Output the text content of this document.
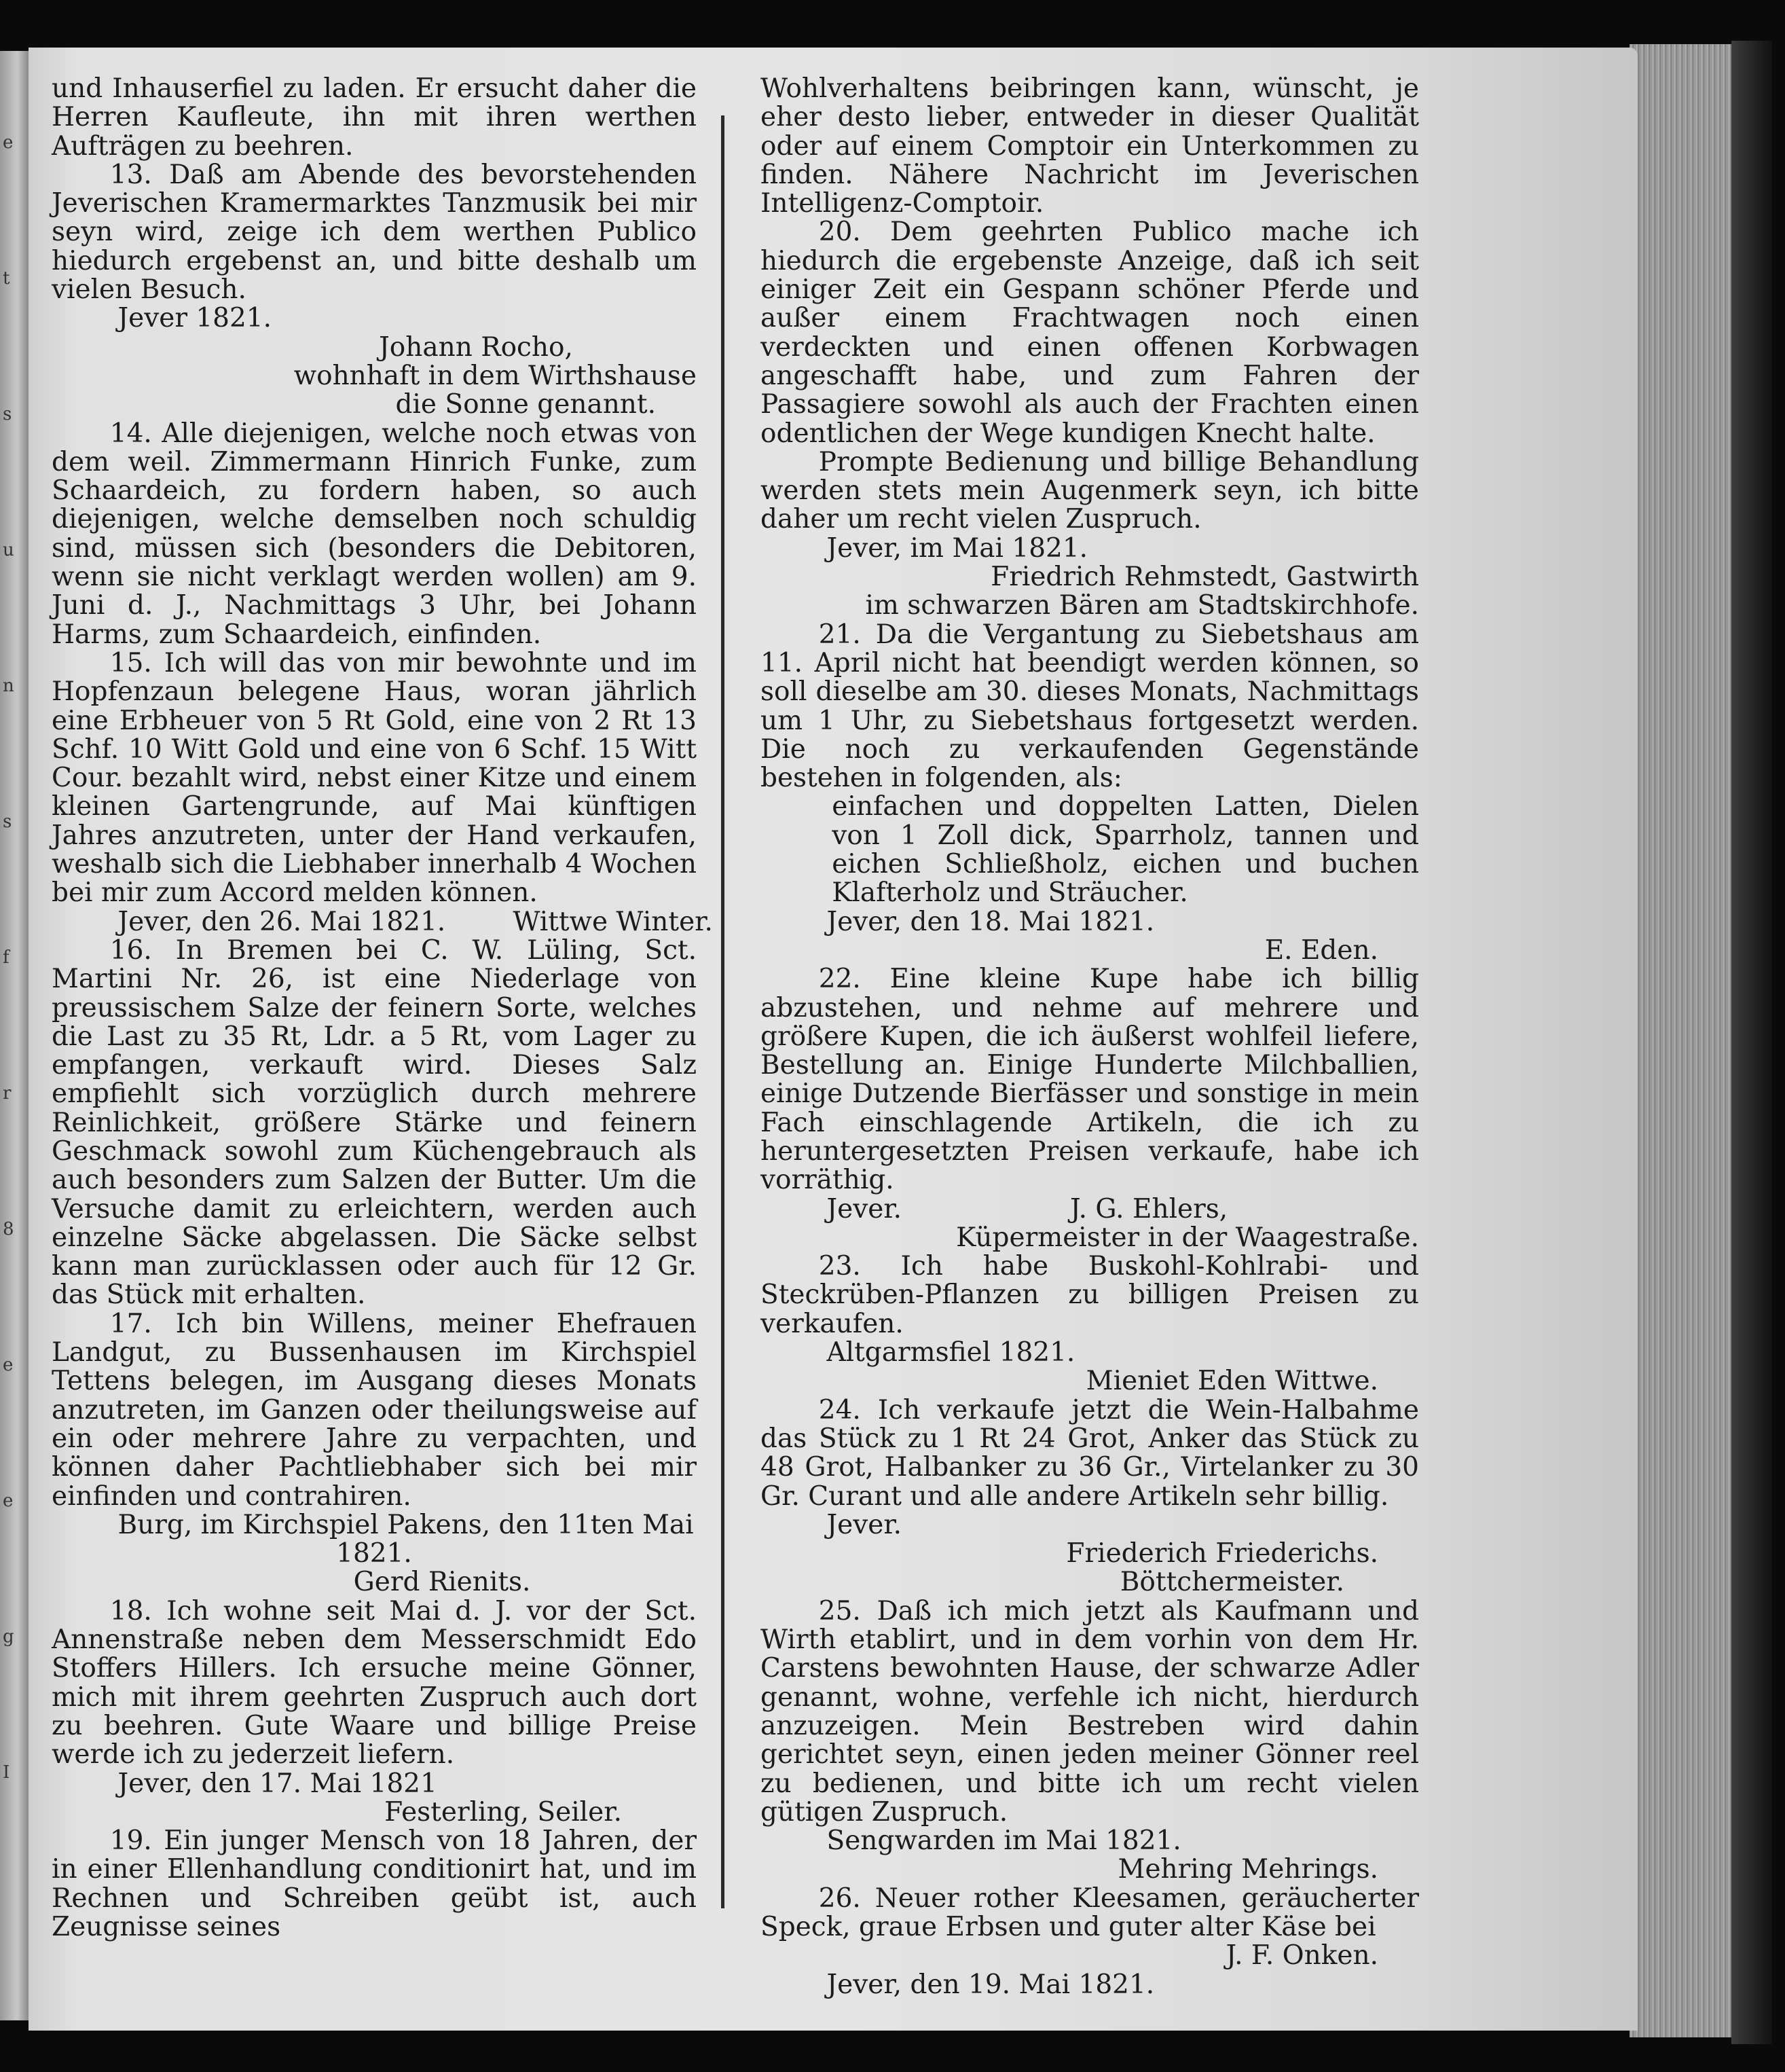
e
t
s
u
n
s
f
r
8
e
e
g
I

und Inhauserfiel zu laden. Er ersucht daher die Herren Kaufleute, ihn mit ihren werthen Aufträgen zu beehren.

13. Daß am Abende des bevorstehenden Jeverischen Kramermarktes Tanzmusik bei mir seyn wird, zeige ich dem werthen Publico hiedurch ergebenst an, und bitte deshalb um vielen Besuch.

Jever 1821.

Johann Rocho,

wohnhaft in dem Wirthshause

die Sonne genannt.

14. Alle diejenigen, welche noch etwas von dem weil. Zimmermann Hinrich Funke, zum Schaardeich, zu fordern haben, so auch diejenigen, welche demselben noch schuldig sind, müssen sich (besonders die Debitoren, wenn sie nicht verklagt werden wollen) am 9. Juni d. J., Nachmittags 3 Uhr, bei Johann Harms, zum Schaardeich, einfinden.

15. Ich will das von mir bewohnte und im Hopfenzaun belegene Haus, woran jährlich eine Erbheuer von 5 Rt Gold, eine von 2 Rt 13 Schf. 10 Witt Gold und eine von 6 Schf. 15 Witt Cour. bezahlt wird, nebst einer Kitze und einem kleinen Gartengrunde, auf Mai künftigen Jahres anzutreten, unter der Hand verkaufen, weshalb sich die Liebhaber innerhalb 4 Wochen bei mir zum Accord melden können.

Jever, den 26. Mai 1821.        Wittwe Winter.

16. In Bremen bei C. W. Lüling, Sct. Martini Nr. 26, ist eine Niederlage von preussischem Salze der feinern Sorte, welches die Last zu 35 Rt, Ldr. a 5 Rt, vom Lager zu empfangen, verkauft wird. Dieses Salz empfiehlt sich vorzüglich durch mehrere Reinlichkeit, größere Stärke und feinern Geschmack sowohl zum Küchengebrauch als auch besonders zum Salzen der Butter. Um die Versuche damit zu erleichtern, werden auch einzelne Säcke abgelassen. Die Säcke selbst kann man zurücklassen oder auch für 12 Gr. das Stück mit erhalten.

17. Ich bin Willens, meiner Ehefrauen Landgut, zu Bussenhausen im Kirchspiel Tettens belegen, im Ausgang dieses Monats anzutreten, im Ganzen oder theilungsweise auf ein oder mehrere Jahre zu verpachten, und können daher Pachtliebhaber sich bei mir einfinden und contrahiren.

Burg, im Kirchspiel Pakens, den 11ten Mai

1821.

Gerd Rienits.

18. Ich wohne seit Mai d. J. vor der Sct. Annenstraße neben dem Messerschmidt Edo Stoffers Hillers. Ich ersuche meine Gönner, mich mit ihrem geehrten Zuspruch auch dort zu beehren. Gute Waare und billige Preise werde ich zu jederzeit liefern.

Jever, den 17. Mai 1821

Festerling, Seiler.

19. Ein junger Mensch von 18 Jahren, der in einer Ellenhandlung conditionirt hat, und im Rechnen und Schreiben geübt ist, auch Zeugnisse seines

Wohlverhaltens beibringen kann, wünscht, je eher desto lieber, entweder in dieser Qualität oder auf einem Comptoir ein Unterkommen zu finden. Nähere Nachricht im Jeverischen Intelligenz-Comptoir.

20. Dem geehrten Publico mache ich hiedurch die ergebenste Anzeige, daß ich seit einiger Zeit ein Gespann schöner Pferde und außer einem Frachtwagen noch einen verdeckten und einen offenen Korbwagen angeschafft habe, und zum Fahren der Passagiere sowohl als auch der Frachten einen odentlichen der Wege kundigen Knecht halte.

Prompte Bedienung und billige Behandlung werden stets mein Augenmerk seyn, ich bitte daher um recht vielen Zuspruch.

Jever, im Mai 1821.

Friedrich Rehmstedt, Gastwirth

im schwarzen Bären am Stadtskirchhofe.

21. Da die Vergantung zu Siebetshaus am 11. April nicht hat beendigt werden können, so soll dieselbe am 30. dieses Monats, Nachmittags um 1 Uhr, zu Siebetshaus fortgesetzt werden. Die noch zu verkaufenden Gegenstände bestehen in folgenden, als:

einfachen und doppelten Latten, Dielen von 1 Zoll dick, Sparrholz, tannen und eichen Schließholz, eichen und buchen Klafterholz und Sträucher.

Jever, den 18. Mai 1821.

E. Eden.

22. Eine kleine Kupe habe ich billig abzustehen, und nehme auf mehrere und größere Kupen, die ich äußerst wohlfeil liefere, Bestellung an. Einige Hunderte Milchballien, einige Dutzende Bierfässer und sonstige in mein Fach einschlagende Artikeln, die ich zu heruntergesetzten Preisen verkaufe, habe ich vorräthig.

Jever.                    J. G. Ehlers,

Küpermeister in der Waagestraße.

23. Ich habe Buskohl-Kohlrabi- und Steckrüben-Pflanzen zu billigen Preisen zu verkaufen.

Altgarmsfiel 1821.

Mieniet Eden Wittwe.

24. Ich verkaufe jetzt die Wein-Halbahme das Stück zu 1 Rt 24 Grot, Anker das Stück zu 48 Grot, Halbanker zu 36 Gr., Virtelanker zu 30 Gr. Curant und alle andere Artikeln sehr billig.

Jever.

Friederich Friederichs.

Böttchermeister.

25. Daß ich mich jetzt als Kaufmann und Wirth etablirt, und in dem vorhin von dem Hr. Carstens bewohnten Hause, der schwarze Adler genannt, wohne, verfehle ich nicht, hierdurch anzuzeigen. Mein Bestreben wird dahin gerichtet seyn, einen jeden meiner Gönner reel zu bedienen, und bitte ich um recht vielen gütigen Zuspruch.

Sengwarden im Mai 1821.

Mehring Mehrings.

26. Neuer rother Kleesamen, geräucherter Speck, graue Erbsen und guter alter Käse bei

J. F. Onken.

Jever, den 19. Mai 1821.
